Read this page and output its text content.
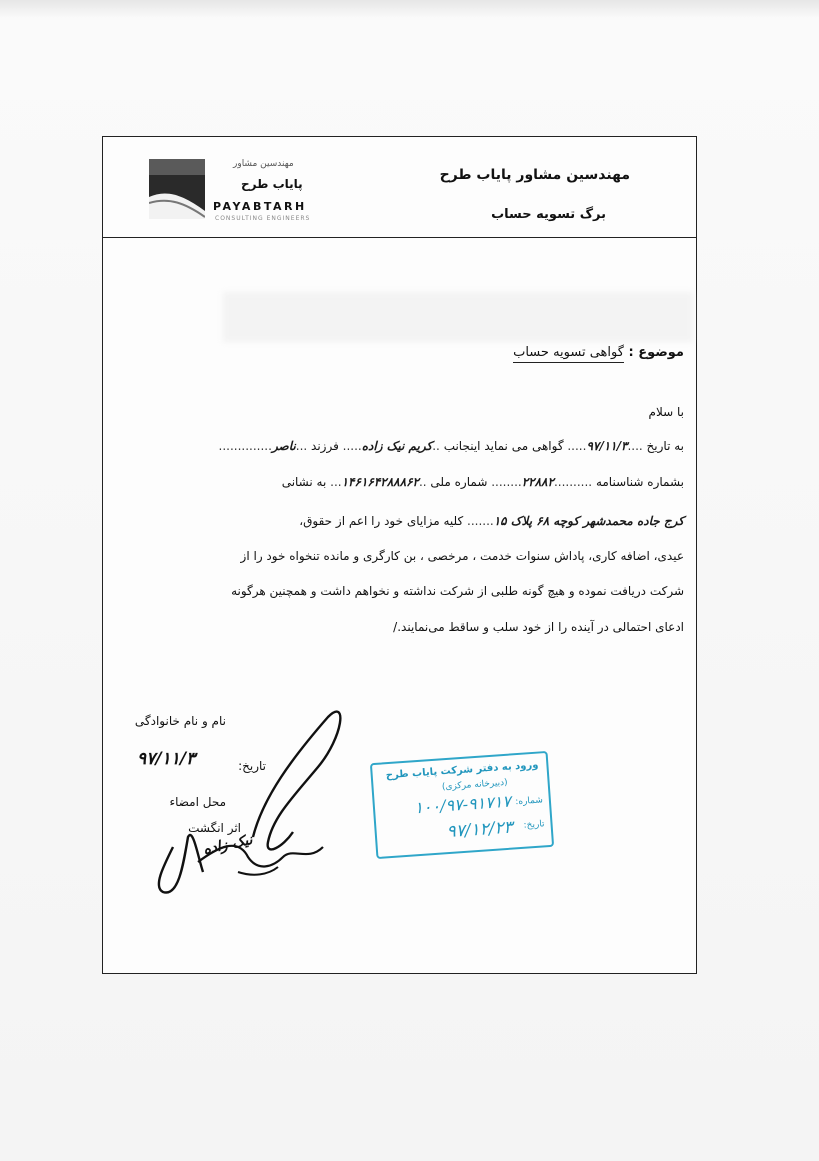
مهندسین مشاور
پایاب طرح
PAYABTARH
CONSULTING ENGINEERS
مهندسین مشاور پایاب طرح
برگ تسویه حساب
موضوع : گواهی تسویه حساب
با سلام
به تاریخ ....۹۷/۱۱/۳..... گواهی می نماید اینجانب ..کریم نیک زاده..... فرزند ...ناصر..............
بشماره شناسنامه ..........۲۲۸۸۲........ شماره ملی ..۱۴۶۱۶۴۲۸۸۸۶۲... به نشانی
کرج جاده محمدشهر کوچه ۶۸ پلاک ۱۵....... کلیه مزایای خود را اعم از حقوق،
عیدی، اضافه کاری، پاداش سنوات خدمت ، مرخصی ، بن کارگری و مانده تنخواه خود را از
شرکت دریافت نموده و هیچ گونه طلبی از شرکت نداشته و نخواهم داشت و همچنین هرگونه
ادعای احتمالی در آینده را از خود سلب و ساقط می‌نمایند./
نام و نام خانوادگی
تاریخ:
۹۷/۱۱/۳
محل امضاء
اثر انگشت
نیک زاده
ورود به دفتر شرکت پایاب طرح
(دبیرخانه مرکزی)
شماره:
۱۰۰/۹۷-۹۱۷۱۷
تاریخ:
۹۷/۱۲/۲۳
